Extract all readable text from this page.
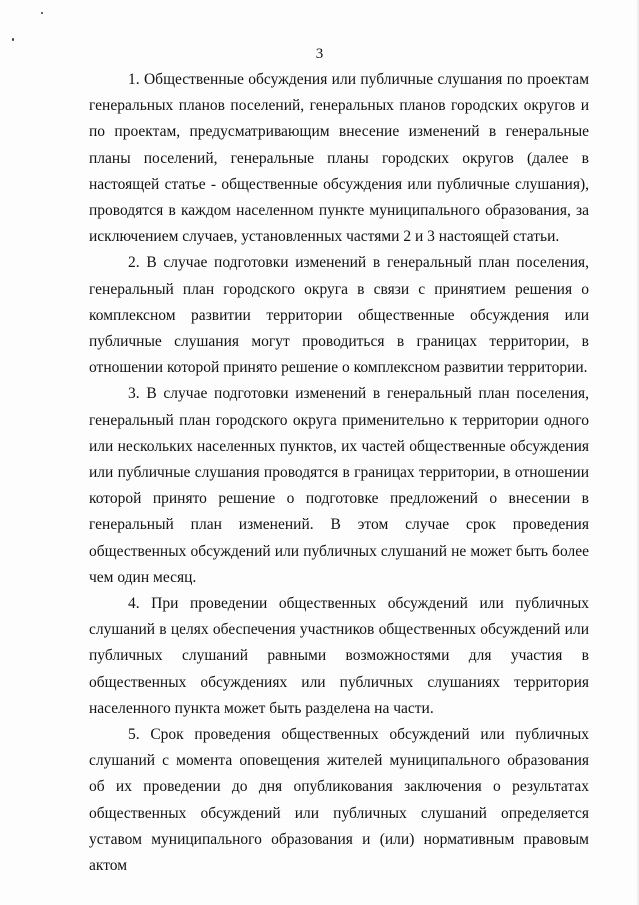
3

1. Общественные обсуждения или публичные слушания по проектам генеральных планов поселений, генеральных планов городских округов и по проектам, предусматривающим внесение изменений в генеральные планы поселений, генеральные планы городских округов (далее в настоящей статье - общественные обсуждения или публичные слушания), проводятся в каждом населенном пункте муниципального образования, за исключением случаев, установленных частями 2 и 3 настоящей статьи.

2. В случае подготовки изменений в генеральный план поселения, генеральный план городского округа в связи с принятием решения о комплексном развитии территории общественные обсуждения или публичные слушания могут проводиться в границах территории, в отношении которой принято решение о комплексном развитии территории.

3. В случае подготовки изменений в генеральный план поселения, генеральный план городского округа применительно к территории одного или нескольких населенных пунктов, их частей общественные обсуждения или публичные слушания проводятся в границах территории, в отношении которой принято решение о подготовке предложений о внесении в генеральный план изменений. В этом случае срок проведения общественных обсуждений или публичных слушаний не может быть более чем один месяц.

4. При проведении общественных обсуждений или публичных слушаний в целях обеспечения участников общественных обсуждений или публичных слушаний равными возможностями для участия в общественных обсуждениях или публичных слушаниях территория населенного пункта может быть разделена на части.

5. Срок проведения общественных обсуждений или публичных слушаний с момента оповещения жителей муниципального образования об их проведении до дня опубликования заключения о результатах общественных обсуждений или публичных слушаний определяется уставом муниципального образования и (или) нормативным правовым актом
